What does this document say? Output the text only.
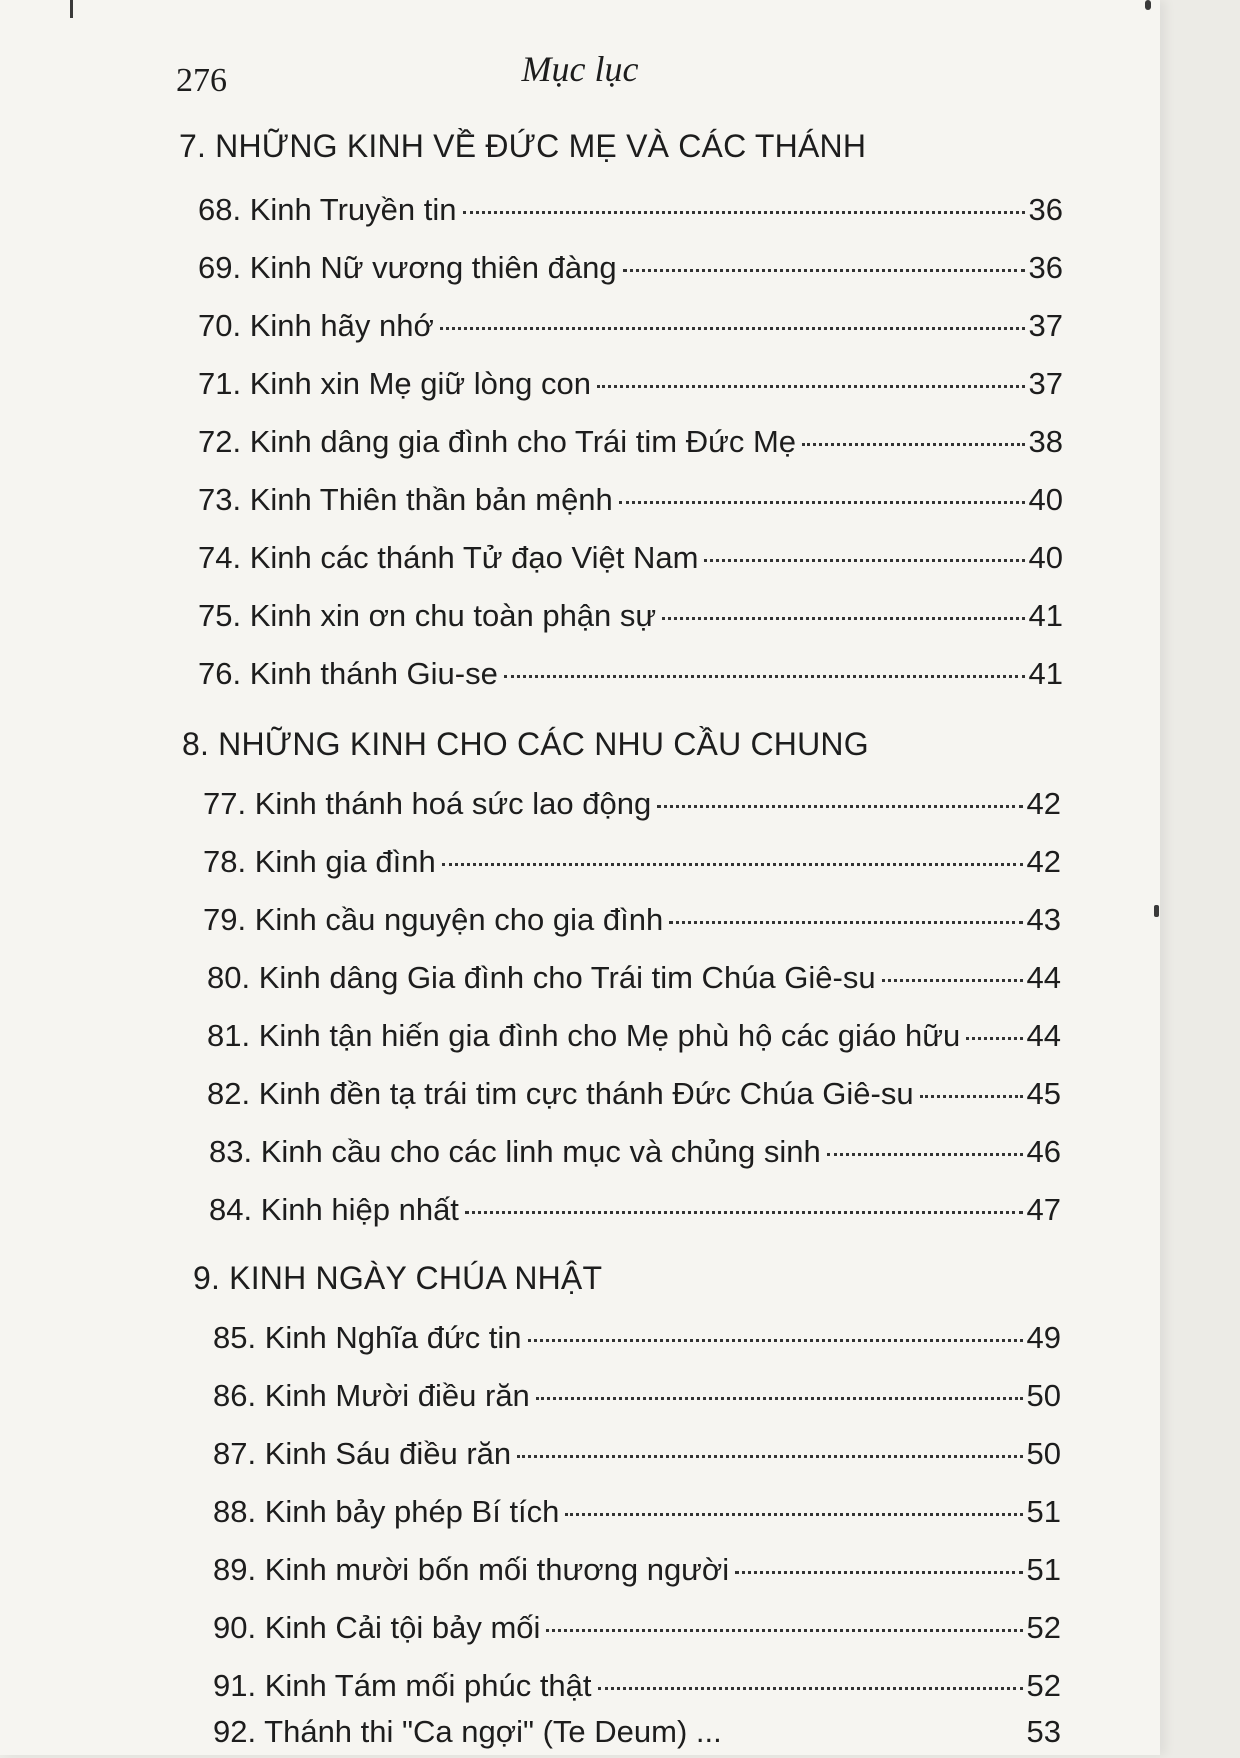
276	Mục lục
7. NHỮNG KINH VỀ ĐỨC MẸ VÀ CÁC THÁNH
68. Kinh Truyền tin	36
69. Kinh Nữ vương thiên đàng	36
70. Kinh hãy nhớ	37
71. Kinh xin Mẹ giữ lòng con	37
72. Kinh dâng gia đình cho Trái tim Đức Mẹ	38
73. Kinh Thiên thần bản mệnh	40
74. Kinh các thánh Tử đạo Việt Nam	40
75. Kinh xin ơn chu toàn phận sự	41
76. Kinh thánh Giu-se	41
8. NHỮNG KINH CHO CÁC NHU CẦU CHUNG
77. Kinh thánh hoá sức lao động	42
78. Kinh gia đình	42
79. Kinh cầu nguyện cho gia đình	43
80. Kinh dâng Gia đình cho Trái tim Chúa Giê-su	44
81. Kinh tận hiến gia đình cho Mẹ phù hộ các giáo hữu 44
82. Kinh đền tạ trái tim cực thánh Đức Chúa Giê-su	45
83. Kinh cầu cho các linh mục và chủng sinh	46
84. Kinh hiệp nhất	47
9. KINH NGÀY CHÚA NHẬT
85. Kinh Nghĩa đức tin	49
86. Kinh Mười điều răn	50
87. Kinh Sáu điều răn	50
88. Kinh bảy phép Bí tích	51
89. Kinh mười bốn mối thương người	51
90. Kinh Cải tội bảy mối	52
91. Kinh Tám mối phúc thật	52
92. Thánh thi "Ca ngợi" (Te Deum) ...	53
